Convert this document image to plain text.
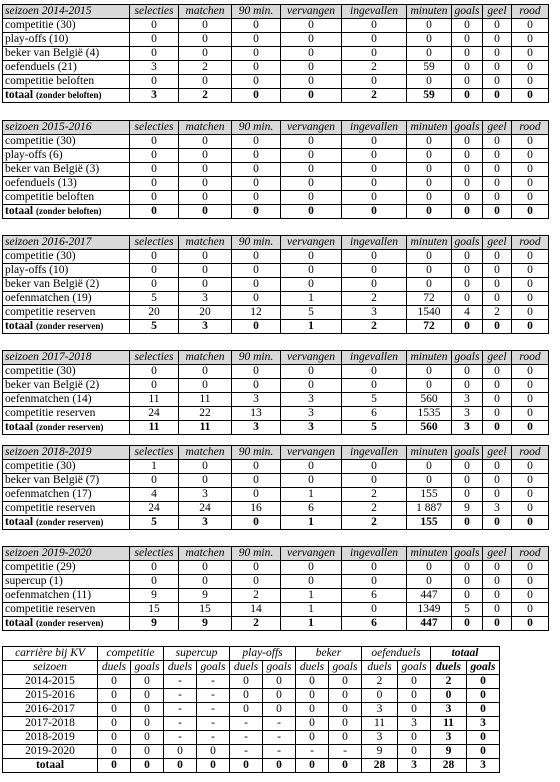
seizoen 2014-2015	selecties	matchen	90 min.	vervangen	ingevallen	minuten	goals	geel	rood
competitie (30)	0	0	0	0	0	0	0	0	0
play-offs (10)	0	0	0	0	0	0	0	0	0
beker van België (4)	0	0	0	0	0	0	0	0	0
oefenduels (21)	3	2	0	0	2	59	0	0	0
competitie beloften	0	0	0	0	0	0	0	0	0
totaal (zonder beloften)	3	2	0	0	2	59	0	0	0
seizoen 2015-2016	selecties	matchen	90 min.	vervangen	ingevallen	minuten	goals	geel	rood
competitie (30)	0	0	0	0	0	0	0	0	0
play-offs (6)	0	0	0	0	0	0	0	0	0
beker van België (3)	0	0	0	0	0	0	0	0	0
oefenduels (13)	0	0	0	0	0	0	0	0	0
competitie beloften	0	0	0	0	0	0	0	0	0
totaal (zonder beloften)	0	0	0	0	0	0	0	0	0
seizoen 2016-2017	selecties	matchen	90 min.	vervangen	ingevallen	minuten	goals	geel	rood
competitie (30)	0	0	0	0	0	0	0	0	0
play-offs (10)	0	0	0	0	0	0	0	0	0
beker van België (2)	0	0	0	0	0	0	0	0	0
oefenmatchen (19)	5	3	0	1	2	72	0	0	0
competitie reserven	20	20	12	5	3	1540	4	2	0
totaal (zonder reserven)	5	3	0	1	2	72	0	0	0
seizoen 2017-2018	selecties	matchen	90 min.	vervangen	ingevallen	minuten	goals	geel	rood
competitie (30)	0	0	0	0	0	0	0	0	0
beker van België (2)	0	0	0	0	0	0	0	0	0
oefenmatchen (14)	11	11	3	3	5	560	3	0	0
competitie reserven	24	22	13	3	6	1535	3	0	0
totaal (zonder reserven)	11	11	3	3	5	560	3	0	0
seizoen 2018-2019	selecties	matchen	90 min.	vervangen	ingevallen	minuten	goals	geel	rood
competitie (30)	1	0	0	0	0	0	0	0	0
beker van België (7)	0	0	0	0	0	0	0	0	0
oefenmatchen (17)	4	3	0	1	2	155	0	0	0
competitie reserven	24	24	16	6	2	1 887	9	3	0
totaal (zonder reserven)	5	3	0	1	2	155	0	0	0
seizoen 2019-2020	selecties	matchen	90 min.	vervangen	ingevallen	minuten	goals	geel	rood
competitie (29)	0	0	0	0	0	0	0	0	0
supercup (1)	0	0	0	0	0	0	0	0	0
oefenmatchen (11)	9	9	2	1	6	447	0	0	0
competitie reserven	15	15	14	1	0	1349	5	0	0
totaal (zonder reserven)	9	9	2	1	6	447	0	0	0
carrière bij KV	competitie		supercup		play-offs		beker		oefenduels		totaal	
seizoen	duels	goals	duels	goals	duels	goals	duels	goals	duels	goals	duels	goals
2014-2015	0	0	-	-	0	0	0	0	2	0	2	0
2015-2016	0	0	-	-	0	0	0	0	0	0	0	0
2016-2017	0	0	-	-	0	0	0	0	3	0	3	0
2017-2018	0	0	-	-	-	-	0	0	11	3	11	3
2018-2019	0	0	-	-	-	-	0	0	3	0	3	0
2019-2020	0	0	0	0	-	-	-	-	9	0	9	0
totaal	0	0	0	0	0	0	0	0	28	3	28	3
